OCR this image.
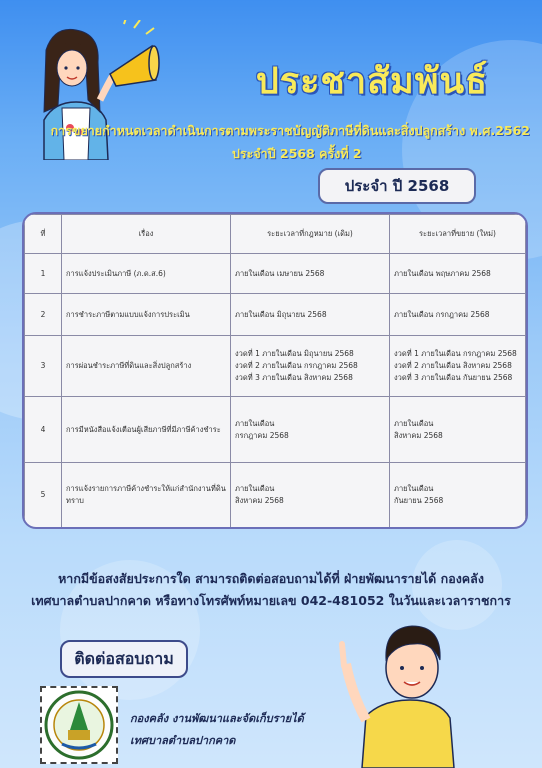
ประชาสัมพันธ์
การขยายกำหนดเวลาดำเนินการตามพระราชบัญญัติภาษีที่ดินและสิ่งปลูกสร้าง พ.ศ.2562
ประจำปี 2568 ครั้งที่ 2
ประจำ ปี 2568
ที่	เรื่อง	ระยะเวลาที่กฎหมาย (เดิม)	ระยะเวลาที่ขยาย (ใหม่)
1	การแจ้งประเมินภาษี (ภ.ด.ส.6)	ภายในเดือน เมษายน 2568	ภายในเดือน พฤษภาคม 2568
2	การชำระภาษีตามแบบแจ้งการประเมิน	ภายในเดือน มิถุนายน 2568	ภายในเดือน กรกฎาคม 2568
3	การผ่อนชำระภาษีที่ดินและสิ่งปลูกสร้าง	งวดที่ 1 ภายในเดือน มิถุนายน 2568
งวดที่ 2 ภายในเดือน กรกฎาคม 2568
งวดที่ 3 ภายในเดือน สิงหาคม 2568	งวดที่ 1 ภายในเดือน กรกฎาคม 2568
งวดที่ 2 ภายในเดือน สิงหาคม 2568
งวดที่ 3 ภายในเดือน กันยายน 2568
4	การมีหนังสือแจ้งเตือนผู้เสียภาษีที่มีภาษีค้างชำระ	ภายในเดือน
กรกฎาคม 2568	ภายในเดือน
สิงหาคม 2568
5	การแจ้งรายการภาษีค้างชำระให้แก่สำนักงานที่ดินทราบ	ภายในเดือน
สิงหาคม 2568	ภายในเดือน
กันยายน 2568
หากมีข้อสงสัยประการใด สามารถติดต่อสอบถามได้ที่ ฝ่ายพัฒนารายได้ กองคลัง
เทศบาลตำบลปากคาด หรือทางโทรศัพท์หมายเลข 042-481052 ในวันและเวลาราชการ
ติดต่อสอบถาม
กองคลัง งานพัฒนาและจัดเก็บรายได้
เทศบาลตำบลปากคาด
